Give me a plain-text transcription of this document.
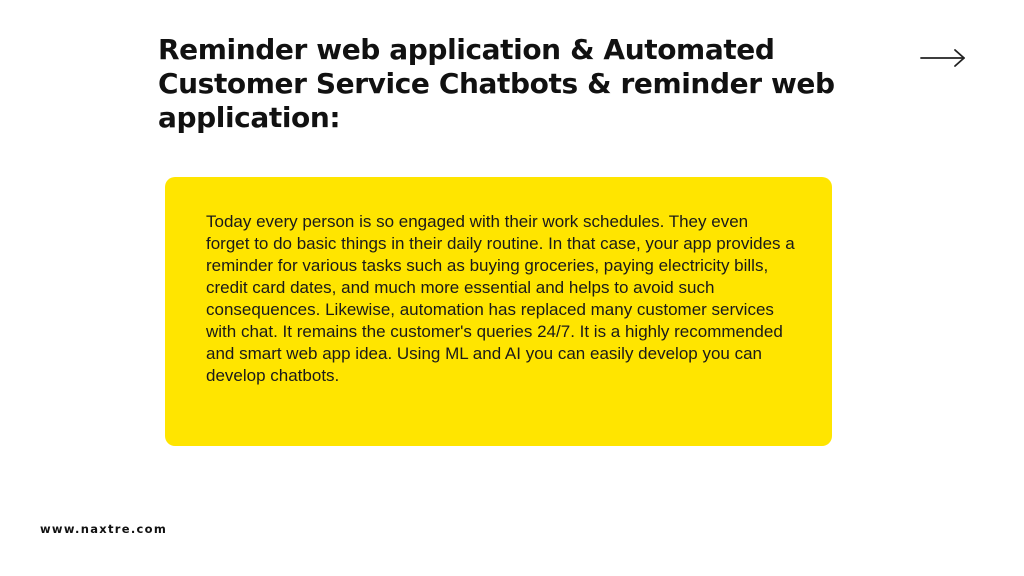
Reminder web application & Automated Customer Service Chatbots & reminder web application:

Today every person is so engaged with their work schedules. They even forget to do basic things in their daily routine. In that case, your app provides a reminder for various tasks such as buying groceries, paying electricity bills, credit card dates, and much more essential and helps to avoid such consequences. Likewise, automation has replaced many customer services with chat. It remains the customer's queries 24/7. It is a highly recommended and smart web app idea. Using ML and AI you can easily develop you can develop chatbots.

www.naxtre.com
